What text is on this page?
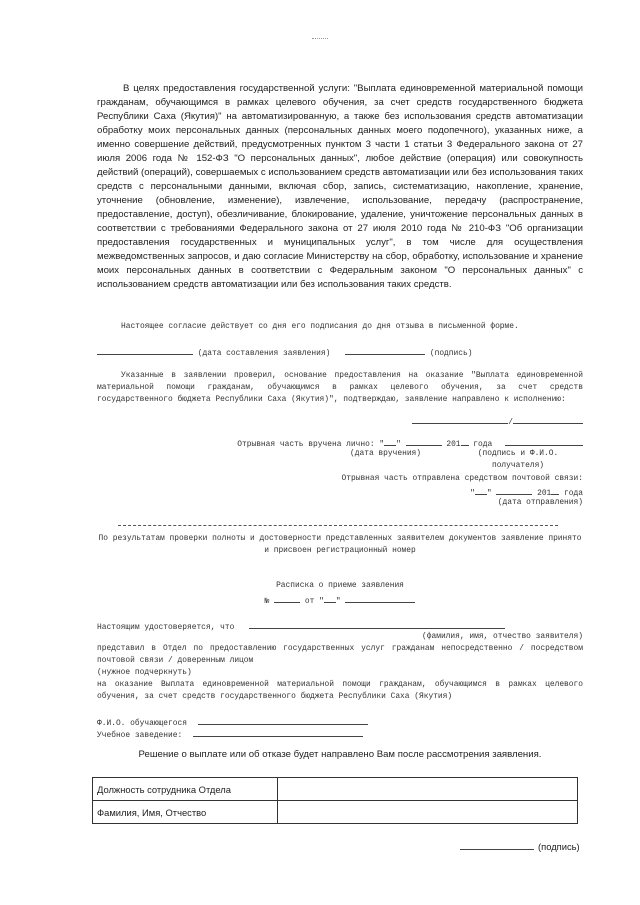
В целях предоставления государственной услуги: "Выплата единовременной материальной помощи гражданам, обучающимся в рамках целевого обучения, за счет средств государственного бюджета Республики Саха (Якутия)" на автоматизированную, а также без использования средств автоматизации обработку моих персональных данных (персональных данных моего подопечного), указанных ниже, а именно совершение действий, предусмотренных пунктом 3 части 1 статьи 3 Федерального закона от 27 июля 2006 года № 152-ФЗ "О персональных данных", любое действие (операция) или совокупность действий (операций), совершаемых с использованием средств автоматизации или без использования таких средств с персональными данными, включая сбор, запись, систематизацию, накопление, хранение, уточнение (обновление, изменение), извлечение, использование, передачу (распространение, предоставление, доступ), обезличивание, блокирование, удаление, уничтожение персональных данных в соответствии с требованиями Федерального закона от 27 июля 2010 года № 210-ФЗ "Об организации предоставления государственных и муниципальных услуг", в том числе для осуществления межведомственных запросов, и даю согласие Министерству на сбор, обработку, использование и хранение моих персональных данных в соответствии с Федеральным законом "О персональных данных" с использованием средств автоматизации или без использования таких средств.

Настоящее согласие действует со дня его подписания до дня отзыва в письменной форме.
(дата составления заявления)	(подпись)
Указанные в заявлении проверил, основание предоставления на оказание "Выплата единовременной материальной помощи гражданам, обучающимся в рамках целевого обучения, за счет средств государственного бюджета Республики Саха (Якутия)", подтверждаю, заявление направлено к исполнению:
/
Отрывная часть вручена лично: " "	201 года
(дата вручения)	(подпись и Ф.И.О. получателя)
Отрывная часть отправлена средством почтовой связи:
" "	201 года
(дата отправления)
По результатам проверки полноты и достоверности представленных заявителем документов заявление принято и присвоен регистрационный номер
Расписка о приеме заявления
№	от " "
Настоящим удостоверяется, что
(фамилия, имя, отчество заявителя)
представил в Отдел по предоставлению государственных услуг гражданам непосредственно / посредством почтовой связи / доверенным лицом
(нужное подчеркнуть)
на оказание Выплата единовременной материальной помощи гражданам, обучающимся в рамках целевого обучения, за счет средств государственного бюджета Республики Саха (Якутия)
Ф.И.О. обучающегося
Учебное заведение:

Решение о выплате или об отказе будет направлено Вам после рассмотрения заявления.

Должность сотрудника Отдела	
Фамилия, Имя, Отчество	
(подпись)
